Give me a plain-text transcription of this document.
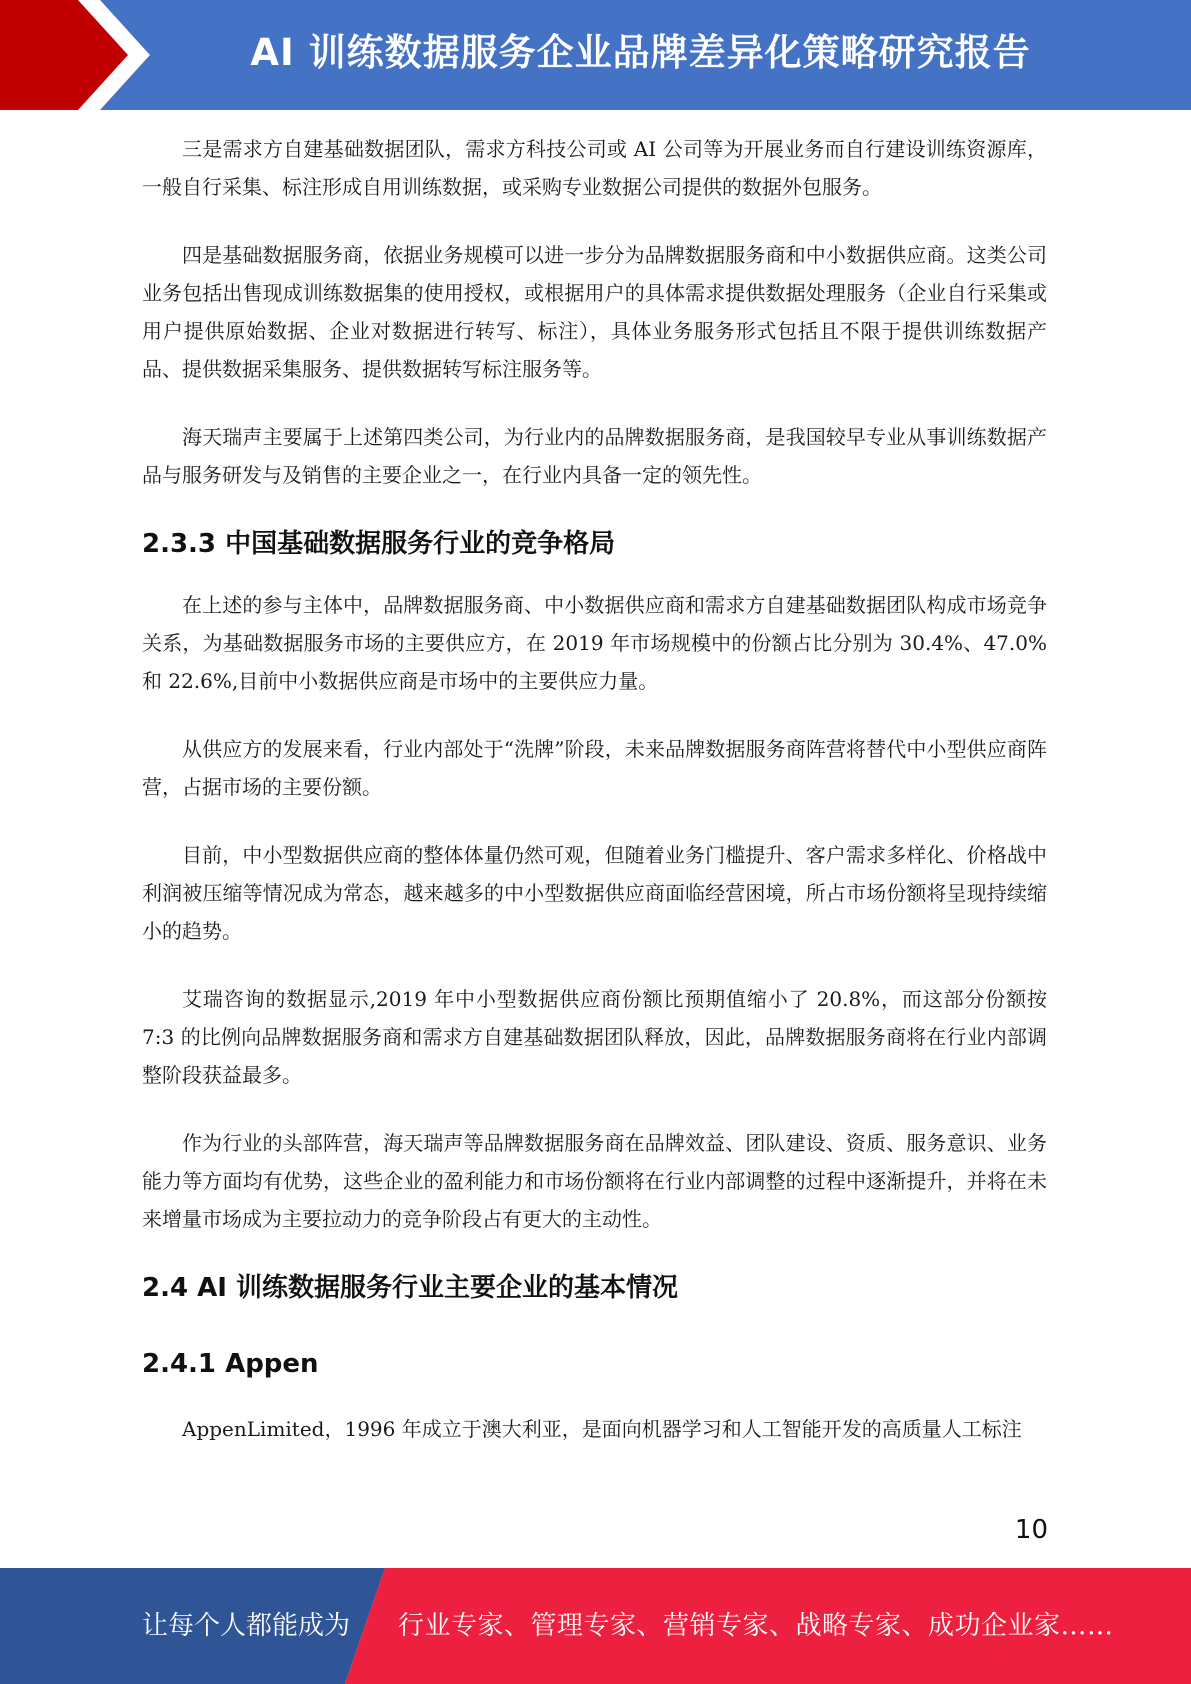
AI 训练数据服务企业品牌差异化策略研究报告

三是需求方自建基础数据团队，需求方科技公司或 AI 公司等为开展业务而自行建设训练资源库，一般自行采集、标注形成自用训练数据，或采购专业数据公司提供的数据外包服务。

四是基础数据服务商，依据业务规模可以进一步分为品牌数据服务商和中小数据供应商。这类公司业务包括出售现成训练数据集的使用授权，或根据用户的具体需求提供数据处理服务（企业自行采集或用户提供原始数据、企业对数据进行转写、标注），具体业务服务形式包括且不限于提供训练数据产品、提供数据采集服务、提供数据转写标注服务等。

海天瑞声主要属于上述第四类公司，为行业内的品牌数据服务商，是我国较早专业从事训练数据产品与服务研发与及销售的主要企业之一，在行业内具备一定的领先性。

2.3.3 中国基础数据服务行业的竞争格局

在上述的参与主体中，品牌数据服务商、中小数据供应商和需求方自建基础数据团队构成市场竞争关系，为基础数据服务市场的主要供应方，在 2019 年市场规模中的份额占比分别为 30.4%、47.0%和 22.6%,目前中小数据供应商是市场中的主要供应力量。

从供应方的发展来看，行业内部处于“洗牌”阶段，未来品牌数据服务商阵营将替代中小型供应商阵营，占据市场的主要份额。

目前，中小型数据供应商的整体体量仍然可观，但随着业务门槛提升、客户需求多样化、价格战中利润被压缩等情况成为常态，越来越多的中小型数据供应商面临经营困境，所占市场份额将呈现持续缩小的趋势。

艾瑞咨询的数据显示,2019 年中小型数据供应商份额比预期值缩小了 20.8%，而这部分份额按 7:3 的比例向品牌数据服务商和需求方自建基础数据团队释放，因此，品牌数据服务商将在行业内部调整阶段获益最多。

作为行业的头部阵营，海天瑞声等品牌数据服务商在品牌效益、团队建设、资质、服务意识、业务能力等方面均有优势，这些企业的盈利能力和市场份额将在行业内部调整的过程中逐渐提升，并将在未来增量市场成为主要拉动力的竞争阶段占有更大的主动性。

2.4 AI 训练数据服务行业主要企业的基本情况
2.4.1 Appen

AppenLimited，1996 年成立于澳大利亚，是面向机器学习和人工智能开发的高质量人工标注

10
让每个人都能成为 行业专家、管理专家、营销专家、战略专家、成功企业家……
